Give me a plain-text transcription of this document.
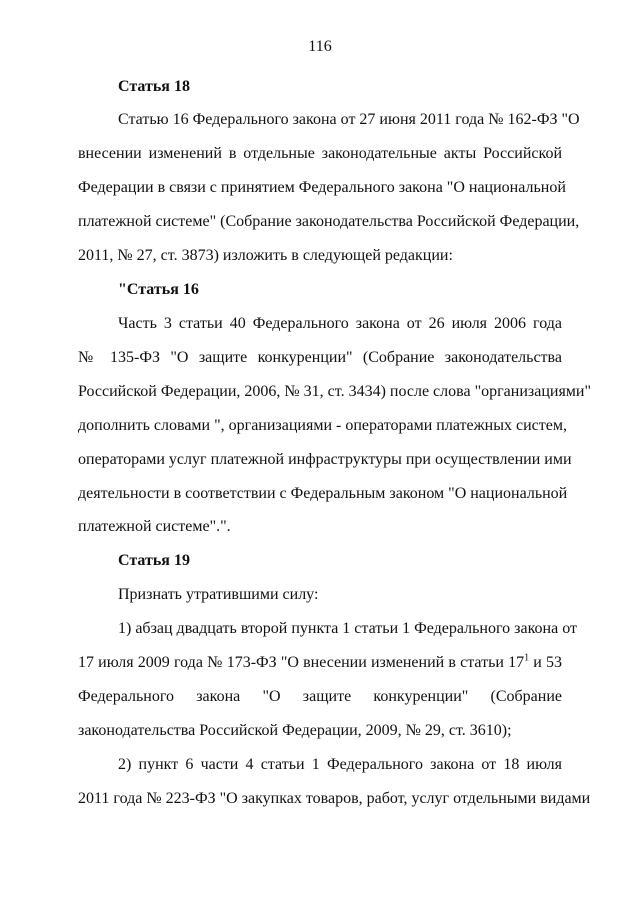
116
Статья 18
Статью 16 Федерального закона от 27 июня 2011 года № 162-ФЗ "О
внесении изменений в отдельные законодательные акты Российской
Федерации в связи с принятием Федерального закона "О национальной
платежной системе" (Собрание законодательства Российской Федерации,
2011, № 27, ст. 3873) изложить в следующей редакции:
"Статья 16
Часть 3 статьи 40 Федерального закона от 26 июля 2006 года
№ 135-ФЗ "О защите конкуренции" (Собрание законодательства
Российской Федерации, 2006, № 31, ст. 3434) после слова "организациями"
дополнить словами ", организациями - операторами платежных систем,
операторами услуг платежной инфраструктуры при осуществлении ими
деятельности в соответствии с Федеральным законом "О национальной
платежной системе".".
Статья 19
Признать утратившими силу:
1) абзац двадцать второй пункта 1 статьи 1 Федерального закона от
17 июля 2009 года № 173-ФЗ "О внесении изменений в статьи $17^1$ и 53
Федерального закона "О защите конкуренции" (Собрание
законодательства Российской Федерации, 2009, № 29, ст. 3610);
2) пункт 6 части 4 статьи 1 Федерального закона от 18 июля
2011 года № 223-ФЗ "О закупках товаров, работ, услуг отдельными видами
